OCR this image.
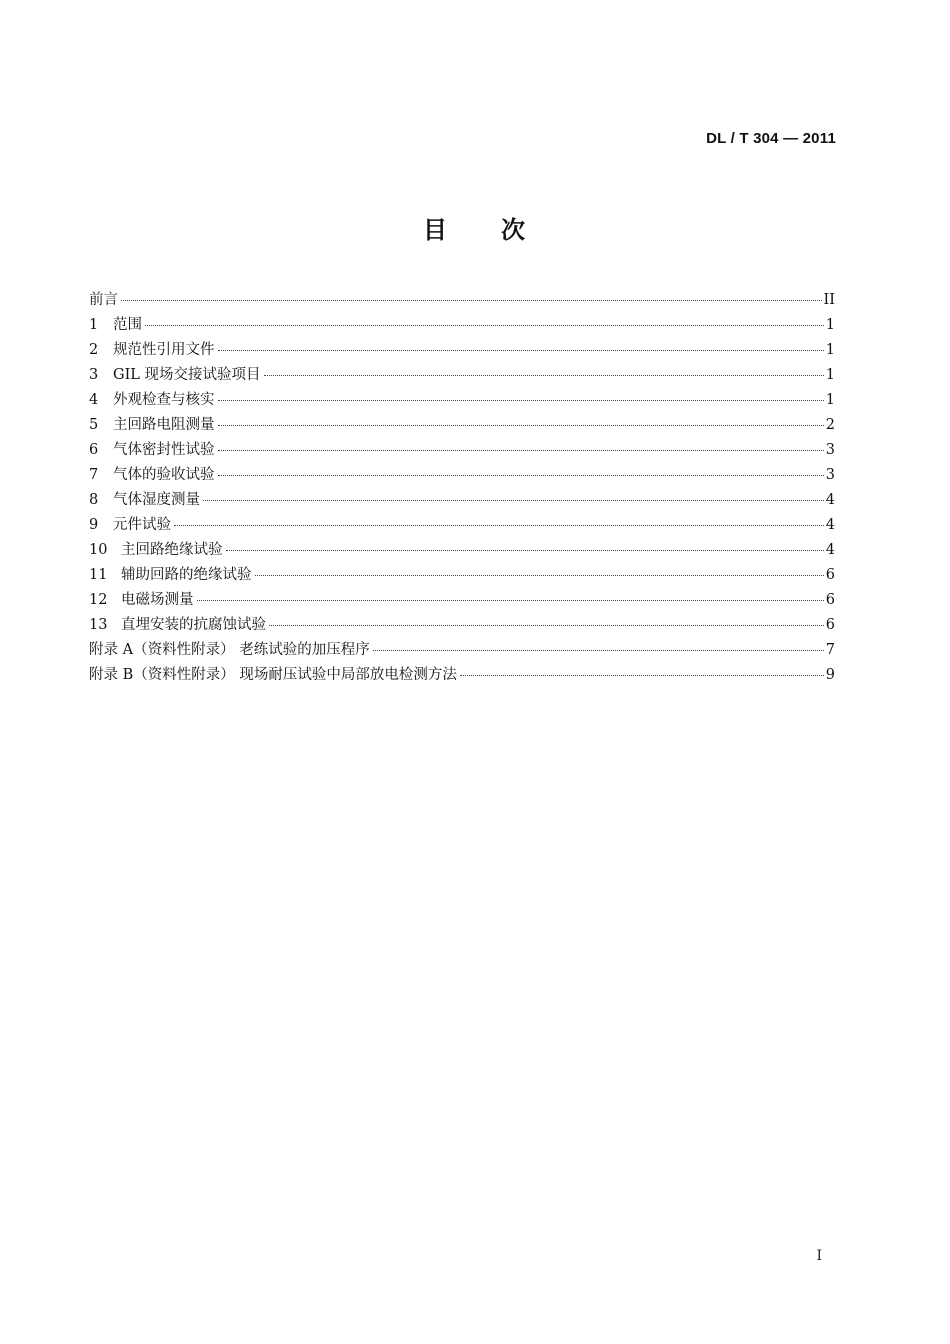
DL / T 304 — 2011
目 次
前言	II
1	范围	1
2	规范性引用文件	1
3	GIL 现场交接试验项目	1
4	外观检查与核实	1
5	主回路电阻测量	2
6	气体密封性试验	3
7	气体的验收试验	3
8	气体湿度测量	4
9	元件试验	4
10 主回路绝缘试验	4
11 辅助回路的绝缘试验	6
12 电磁场测量	6
13 直埋安装的抗腐蚀试验	6
附录 A（资料性附录） 老练试验的加压程序	7
附录 B（资料性附录） 现场耐压试验中局部放电检测方法	9
I
